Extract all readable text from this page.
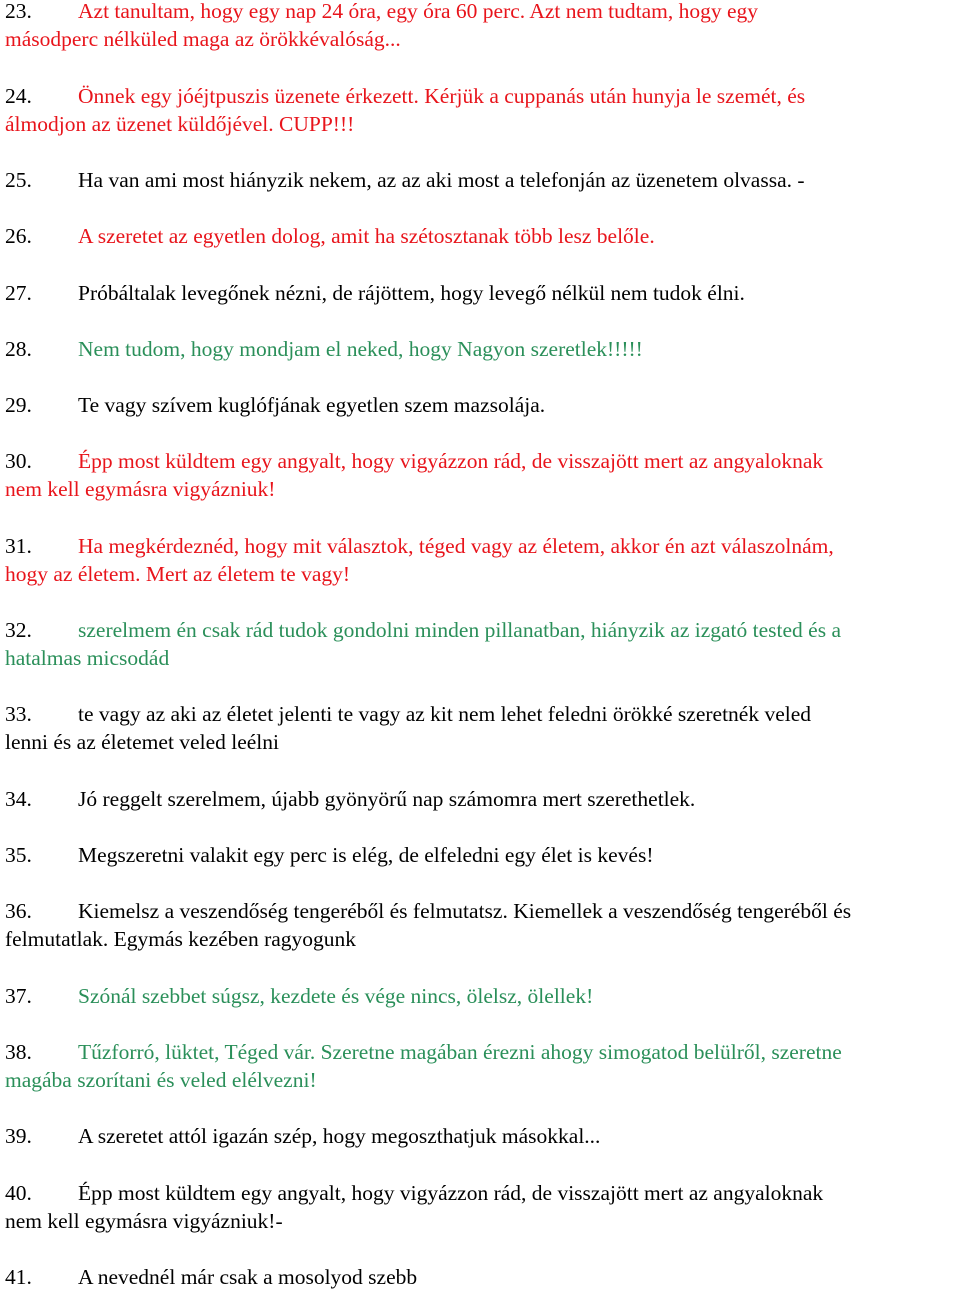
23. Azt tanultam, hogy egy nap 24 óra, egy óra 60 perc. Azt nem tudtam, hogy egy
másodperc nélküled maga az örökkévalóság...
24. Önnek egy jóéjtpuszis üzenete érkezett. Kérjük a cuppanás után hunyja le szemét, és
álmodjon az üzenet küldőjével. CUPP!!!
25. Ha van ami most hiányzik nekem, az az aki most a telefonján az üzenetem olvassa. -
26. A szeretet az egyetlen dolog, amit ha szétosztanak több lesz belőle.
27. Próbáltalak levegőnek nézni, de rájöttem, hogy levegő nélkül nem tudok élni.
28. Nem tudom, hogy mondjam el neked, hogy Nagyon szeretlek!!!!!
29. Te vagy szívem kuglófjának egyetlen szem mazsolája.
30. Épp most küldtem egy angyalt, hogy vigyázzon rád, de visszajött mert az angyaloknak
nem kell egymásra vigyázniuk!
31. Ha megkérdeznéd, hogy mit választok, téged vagy az életem, akkor én azt válaszolnám,
hogy az életem. Mert az életem te vagy!
32. szerelmem én csak rád tudok gondolni minden pillanatban, hiányzik az izgató tested és a
hatalmas micsodád
33. te vagy az aki az életet jelenti te vagy az kit nem lehet feledni örökké szeretnék veled
lenni és az életemet veled leélni
34. Jó reggelt szerelmem, újabb gyönyörű nap számomra mert szerethetlek.
35. Megszeretni valakit egy perc is elég, de elfeledni egy élet is kevés!
36. Kiemelsz a veszendőség tengeréből és felmutatsz. Kiemellek a veszendőség tengeréből és
felmutatlak. Egymás kezében ragyogunk
37. Szónál szebbet súgsz, kezdete és vége nincs, ölelsz, ölellek!
38. Tűzforró, lüktet, Téged vár. Szeretne magában érezni ahogy simogatod belülről, szeretne
magába szorítani és veled elélvezni!
39. A szeretet attól igazán szép, hogy megoszthatjuk másokkal...
40. Épp most küldtem egy angyalt, hogy vigyázzon rád, de visszajött mert az angyaloknak
nem kell egymásra vigyázniuk!-
41. A nevednél már csak a mosolyod szebb
